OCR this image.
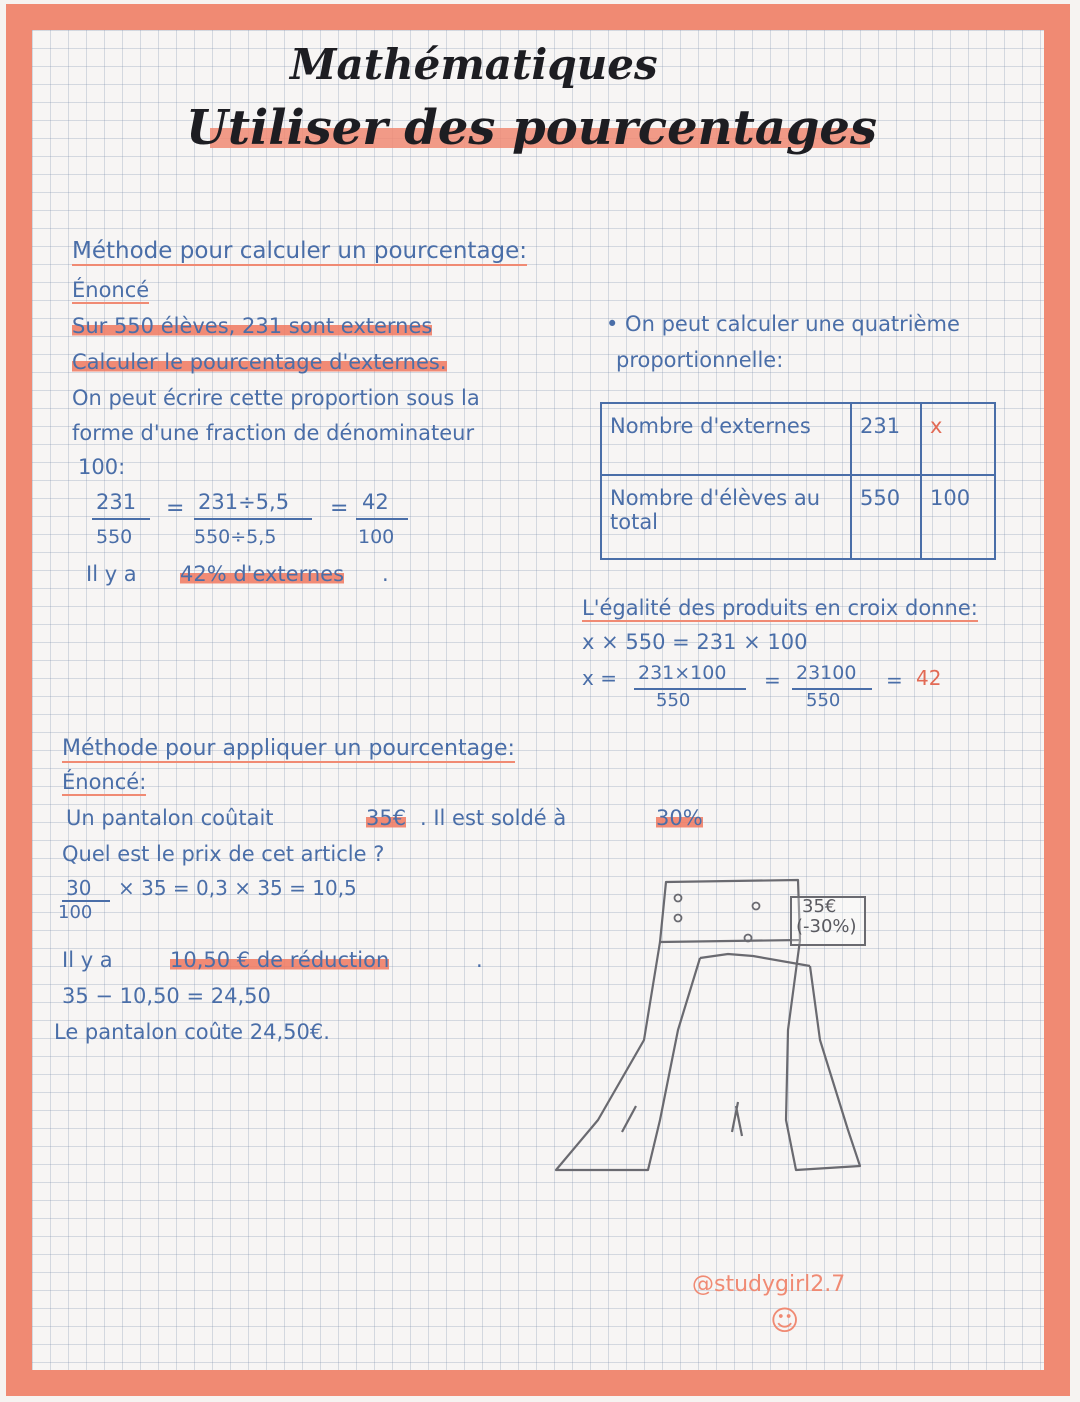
Mathématiques
Utiliser des pourcentages
Méthode pour calculer un pourcentage:
Énoncé
Sur 550 élèves, 231 sont externes
Calculer le pourcentage d'externes.
On peut écrire cette proportion sous la
forme d'une fraction de dénominateur
100:
231
550
= 231÷5,5
550÷5,5
= 42
100
Il y a 42% d'externes .
• On peut calculer une quatrième
proportionnelle:
Nombre d'externes	231	x
Nombre d'élèves au total	550	100
L'égalité des produits en croix donne:
x × 550 = 231 × 100
x = 231×100
550
= 23100
550
= 42
Méthode pour appliquer un pourcentage:
Énoncé:
Un pantalon coûtait	35€ . Il est soldé à	30%
Quel est le prix de cet article ?
30
100
× 35 = 0,3 × 35 = 10,5
Il y a	10,50 € de réduction	.
35 − 10,50 = 24,50
Le pantalon coûte 24,50€.
35€
(-30%)
@studygirl2.7
☺
